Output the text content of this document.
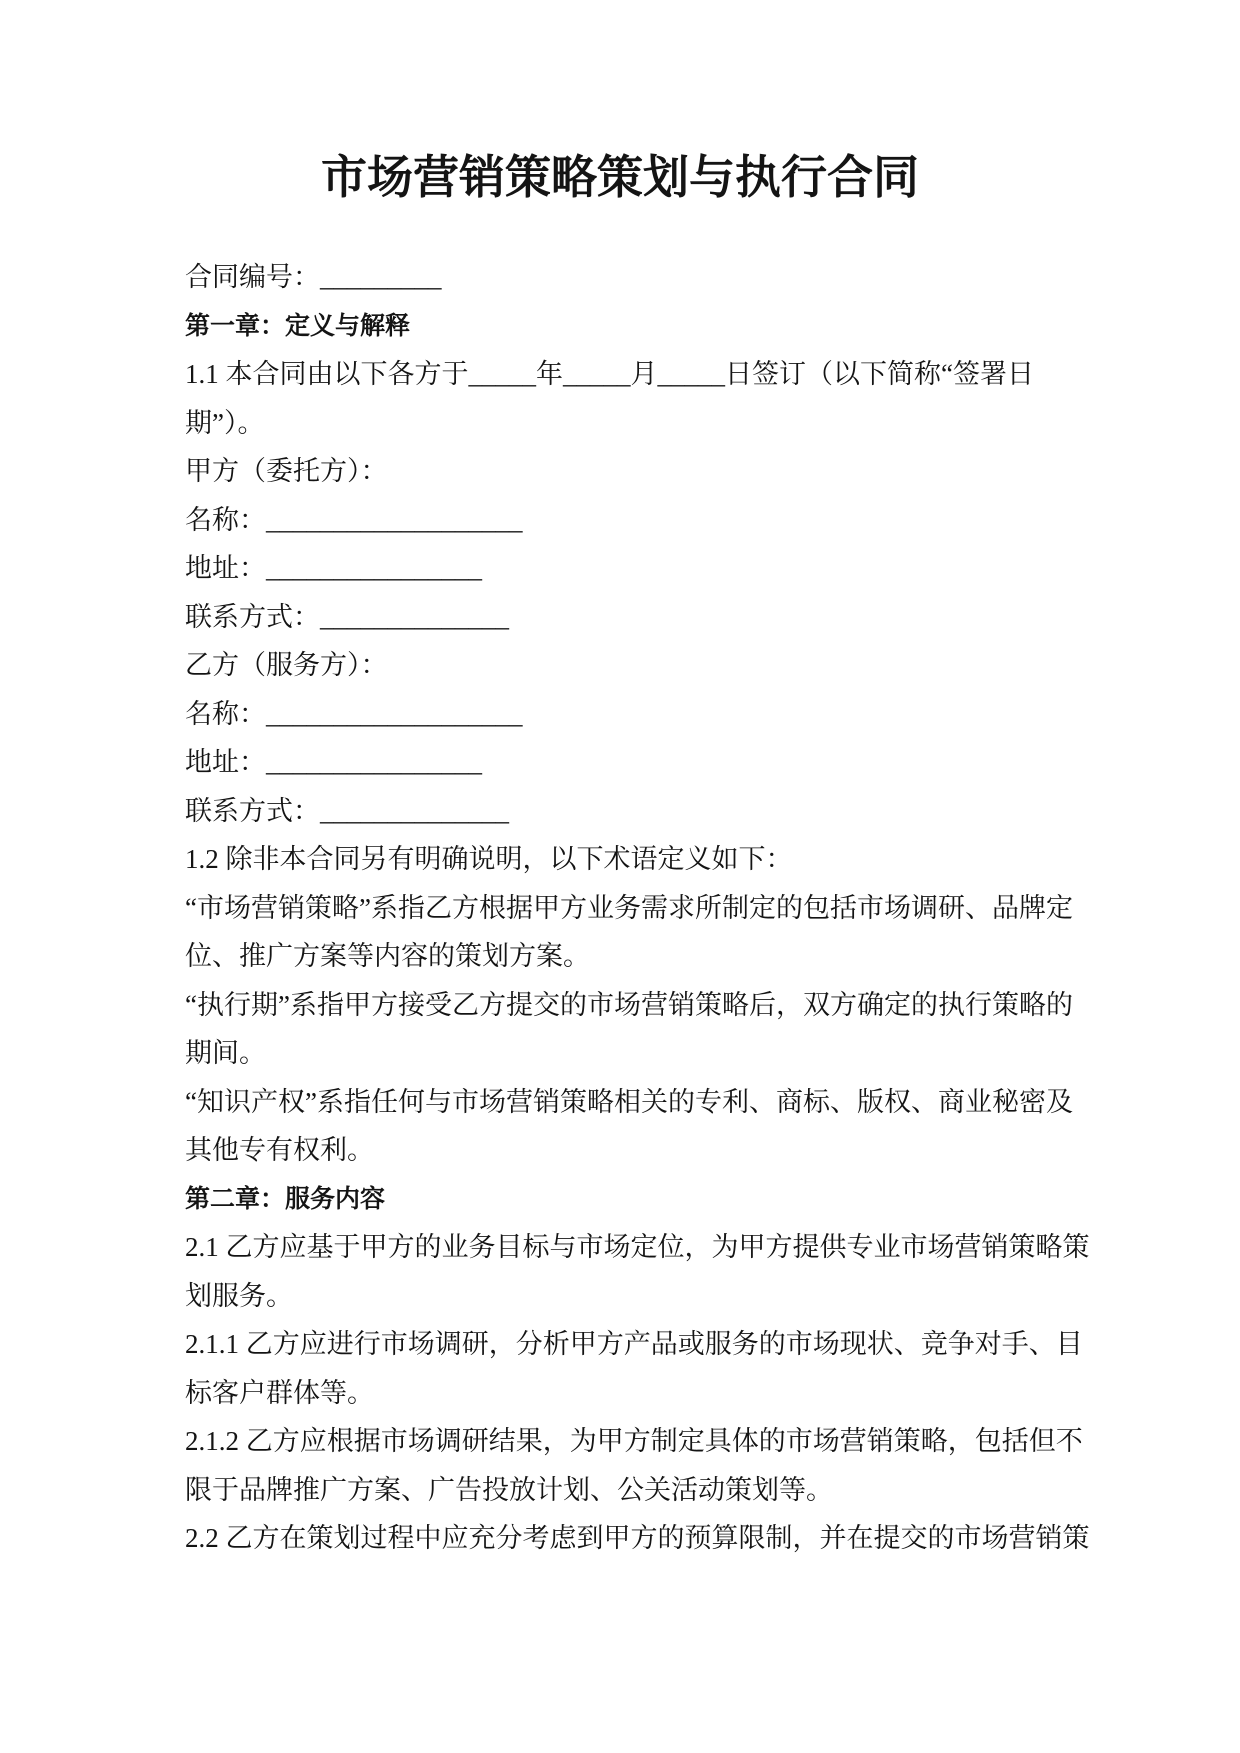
市场营销策略策划与执行合同
合同编号：_________
第一章：定义与解释
1.1 本合同由以下各方于_____年_____月_____日签订（以下简称“签署日
期”）。
甲方（委托方）：
名称：___________________
地址：________________
联系方式：______________
乙方（服务方）：
名称：___________________
地址：________________
联系方式：______________
1.2 除非本合同另有明确说明，以下术语定义如下：
“市场营销策略”系指乙方根据甲方业务需求所制定的包括市场调研、品牌定
位、推广方案等内容的策划方案。
“执行期”系指甲方接受乙方提交的市场营销策略后，双方确定的执行策略的
期间。
“知识产权”系指任何与市场营销策略相关的专利、商标、版权、商业秘密及
其他专有权利。
第二章：服务内容
2.1 乙方应基于甲方的业务目标与市场定位，为甲方提供专业市场营销策略策
划服务。
2.1.1 乙方应进行市场调研，分析甲方产品或服务的市场现状、竞争对手、目
标客户群体等。
2.1.2 乙方应根据市场调研结果，为甲方制定具体的市场营销策略，包括但不
限于品牌推广方案、广告投放计划、公关活动策划等。
2.2 乙方在策划过程中应充分考虑到甲方的预算限制，并在提交的市场营销策
